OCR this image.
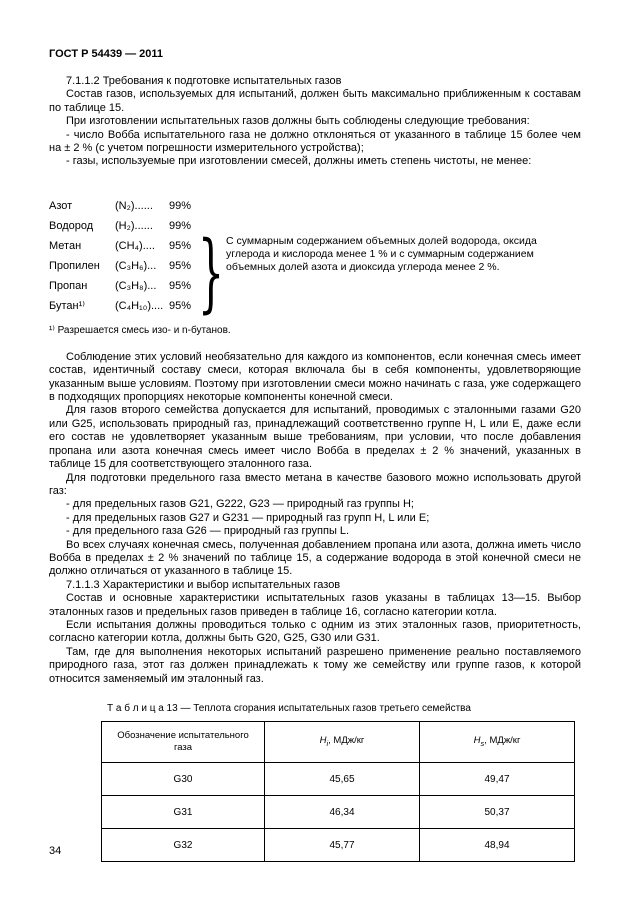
ГОСТ Р 54439 — 2011

7.1.1.2 Требования к подготовке испытательных газов

Состав газов, используемых для испытаний, должен быть максимально приближенным к составам по таблице 15.

При изготовлении испытательных газов должны быть соблюдены следующие требования:

- число Вобба испытательного газа не должно отклоняться от указанного в таблице 15 более чем на ± 2 % (с учетом погрешности измерительного устройства);

- газы, используемые при изготовлении смесей, должны иметь степень чистоты, не менее:

Азот	(N₂)......	99%
Водород	(H₂)......	99%
Метан	(CH₄)....	95%
Пропилен	(C₃H₆)...	95%
Пропан	(C₃H₈)...	95%
Бутан¹⁾	(C₄H₁₀).... 95% } С суммарным содержанием объемных долей водорода, оксида углерода и кислорода менее 1 % и с суммарным содержанием объемных долей азота и диоксида углерода менее 2 %.

¹⁾ Разрешается смесь изо- и n-бутанов.

Соблюдение этих условий необязательно для каждого из компонентов, если конечная смесь имеет состав, идентичный составу смеси, которая включала бы в себя компоненты, удовлетворяющие указанным выше условиям. Поэтому при изготовлении смеси можно начинать с газа, уже содержащего в подходящих пропорциях некоторые компоненты конечной смеси.

Для газов второго семейства допускается для испытаний, проводимых с эталонными газами G20 или G25, использовать природный газ, принадлежащий соответственно группе H, L или E, даже если его состав не удовлетворяет указанным выше требованиям, при условии, что после добавления пропана или азота конечная смесь имеет число Вобба в пределах ± 2 % значений, указанных в таблице 15 для соответствующего эталонного газа.

Для подготовки предельного газа вместо метана в качестве базового можно использовать другой газ:

- для предельных газов G21, G222, G23 — природный газ группы H;

- для предельных газов G27 и G231 — природный газ групп H, L или E;

- для предельного газа G26 — природный газ группы L.

Во всех случаях конечная смесь, полученная добавлением пропана или азота, должна иметь число Вобба в пределах ± 2 % значений по таблице 15, а содержание водорода в этой конечной смеси не должно отличаться от указанного в таблице 15.

7.1.1.3 Характеристики и выбор испытательных газов

Состав и основные характеристики испытательных газов указаны в таблицах 13—15. Выбор эталонных газов и предельных газов приведен в таблице 16, согласно категории котла.

Если испытания должны проводиться только с одним из этих эталонных газов, приоритетность, согласно категории котла, должны быть G20, G25, G30 или G31.

Там, где для выполнения некоторых испытаний разрешено применение реально поставляемого природного газа, этот газ должен принадлежать к тому же семейству или группе газов, к которой относится заменяемый им эталонный газ.

Т а б л и ц а 13 — Теплота сгорания испытательных газов третьего семейства

Обозначение испытательного газа	$H_i$, МДж/кг	$H_s$, МДж/кг
G30	45,65	49,47
G31	46,34	50,37
G32	45,77	48,94
34
